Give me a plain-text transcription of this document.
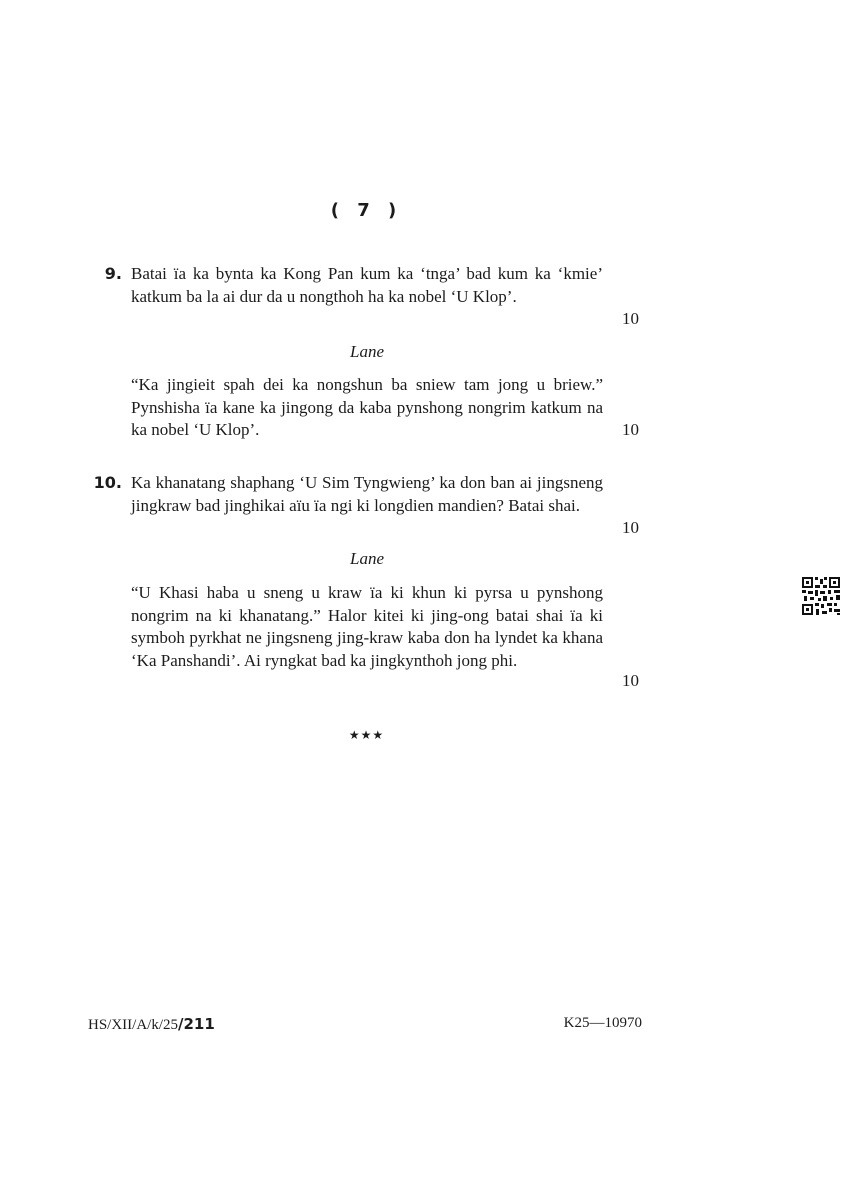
( 7 )
9. Batai ïa ka bynta ka Kong Pan kum ka ‘tnga’ bad kum ka ‘kmie’ katkum ba la ai dur da u nongthoh ha ka nobel ‘U Klop’.
10
Lane
“Ka jingieit spah dei ka nongshun ba sniew tam jong u briew.” Pynshisha ïa kane ka jingong da kaba pynshong nongrim katkum na ka nobel ‘U Klop’.	10
10. Ka khanatang shaphang ‘U Sim Tyngwieng’ ka don ban ai jingsneng jingkraw bad jinghikai aïu ïa ngi ki longdien mandien? Batai shai.
10
Lane
“U Khasi haba u sneng u kraw ïa ki khun ki pyrsa u pynshong nongrim na ki khanatang.” Halor kitei ki jing-ong batai shai ïa ki symboh pyrkhat ne jingsneng jing-kraw kaba don ha lyndet ka khana ‘Ka Panshandi’. Ai ryngkat bad ka jingkynthoh jong phi.
10
★★★
HS/XII/A/k/25/211	K25—10970
